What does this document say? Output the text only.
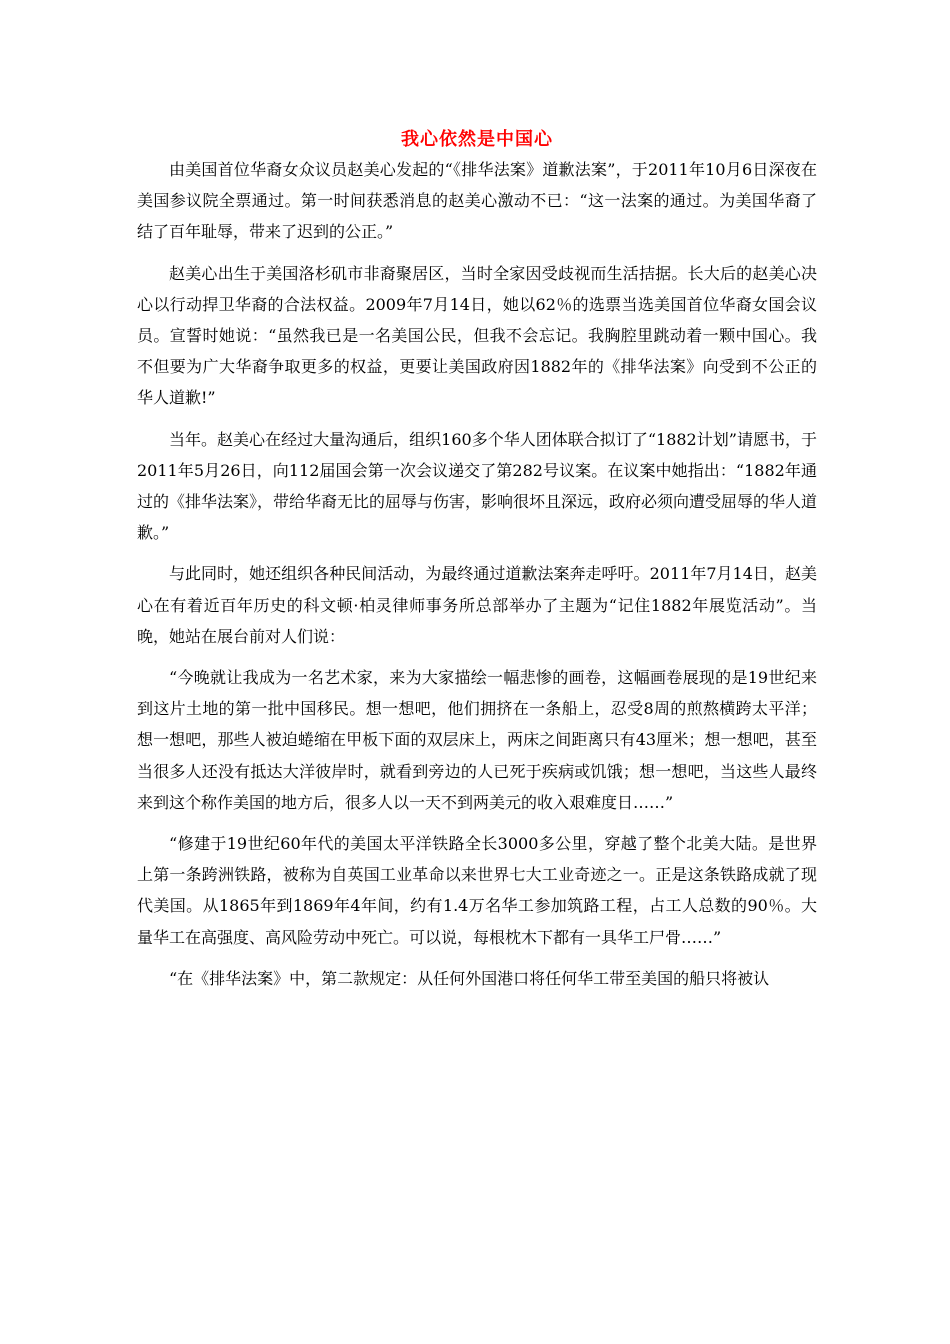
我心依然是中国心

由美国首位华裔女众议员赵美心发起的“《排华法案》道歉法案”，于2011年10月6日深夜在美国参议院全票通过。第一时间获悉消息的赵美心激动不已：“这一法案的通过。为美国华裔了结了百年耻辱，带来了迟到的公正。”

赵美心出生于美国洛杉矶市非裔聚居区，当时全家因受歧视而生活拮据。长大后的赵美心决心以行动捍卫华裔的合法权益。2009年7月14日，她以62％的选票当选美国首位华裔女国会议员。宣誓时她说：“虽然我已是一名美国公民，但我不会忘记。我胸腔里跳动着一颗中国心。我不但要为广大华裔争取更多的权益，更要让美国政府因1882年的《排华法案》向受到不公正的华人道歉!”

当年。赵美心在经过大量沟通后，组织160多个华人团体联合拟订了“1882计划”请愿书，于2011年5月26日，向112届国会第一次会议递交了第282号议案。在议案中她指出：“1882年通过的《排华法案》，带给华裔无比的屈辱与伤害，影响很坏且深远，政府必须向遭受屈辱的华人道歉。”

与此同时，她还组织各种民间活动，为最终通过道歉法案奔走呼吁。2011年7月14日，赵美心在有着近百年历史的科文顿·柏灵律师事务所总部举办了主题为“记住1882年展览活动”。当晚，她站在展台前对人们说：

“今晚就让我成为一名艺术家，来为大家描绘一幅悲惨的画卷，这幅画卷展现的是19世纪来到这片土地的第一批中国移民。想一想吧，他们拥挤在一条船上，忍受8周的煎熬横跨太平洋；想一想吧，那些人被迫蜷缩在甲板下面的双层床上，两床之间距离只有43厘米；想一想吧，甚至当很多人还没有抵达大洋彼岸时，就看到旁边的人已死于疾病或饥饿；想一想吧，当这些人最终来到这个称作美国的地方后，很多人以一天不到两美元的收入艰难度日……”

“修建于19世纪60年代的美国太平洋铁路全长3000多公里，穿越了整个北美大陆。是世界上第一条跨洲铁路，被称为自英国工业革命以来世界七大工业奇迹之一。正是这条铁路成就了现代美国。从1865年到1869年4年间，约有1.4万名华工参加筑路工程，占工人总数的90％。大量华工在高强度、高风险劳动中死亡。可以说，每根枕木下都有一具华工尸骨……”

“在《排华法案》中，第二款规定：从任何外国港口将任何华工带至美国的船只将被认
